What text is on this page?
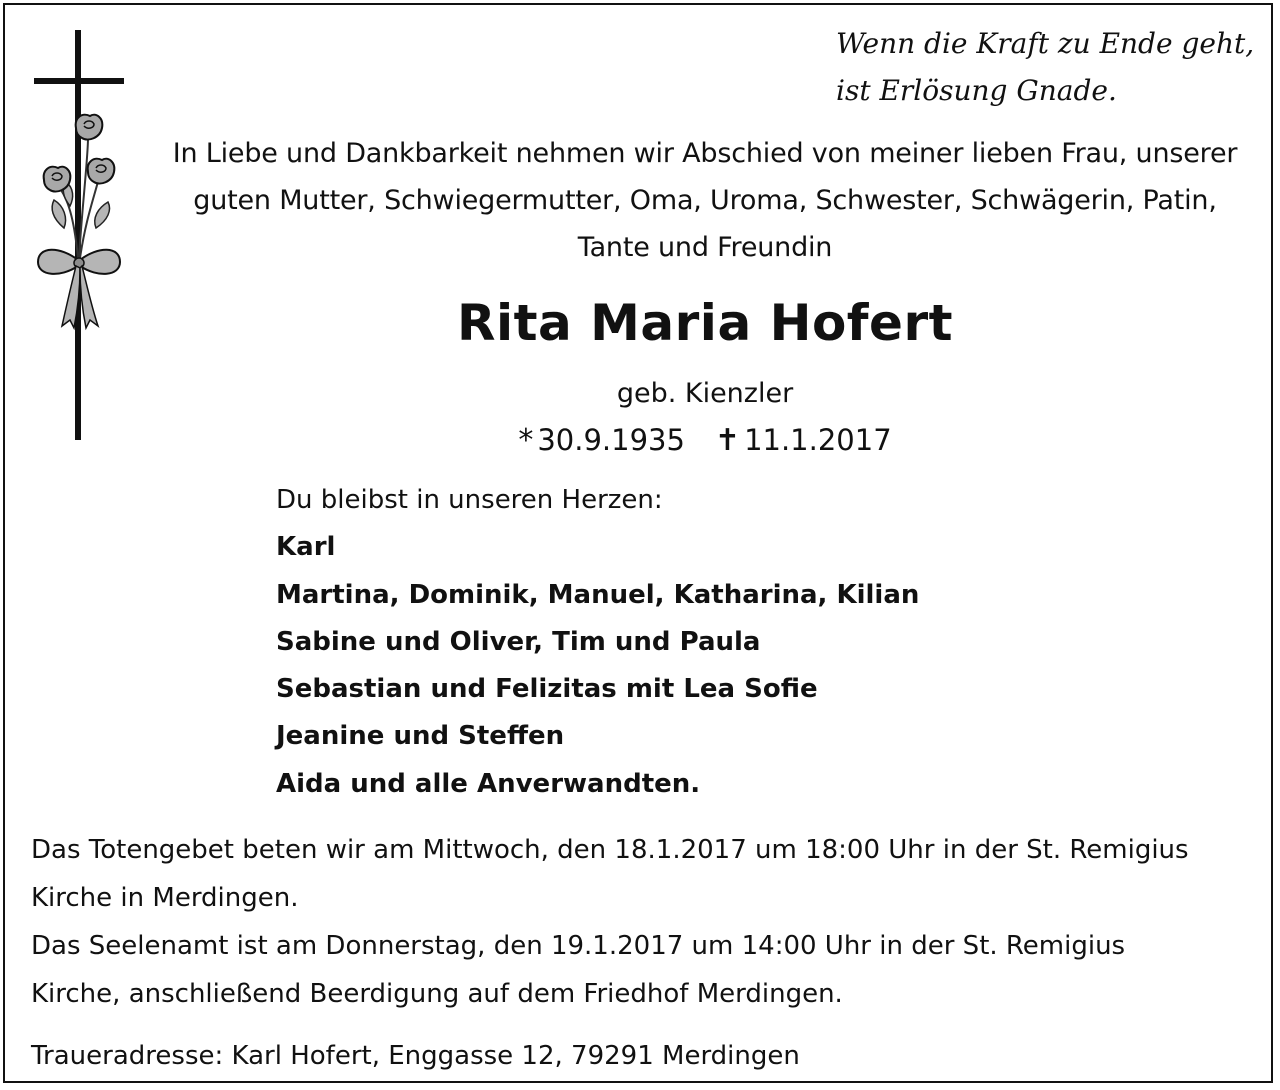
Wenn die Kraft zu Ende geht,
ist Erlösung Gnade.
In Liebe und Dankbarkeit nehmen wir Abschied von meiner lieben Frau, unserer
guten Mutter, Schwiegermutter, Oma, Uroma, Schwester, Schwägerin, Patin,
Tante und Freundin
Rita Maria Hofert
geb. Kienzler
* 30.9.1935 ✝ 11.1.2017
Du bleibst in unseren Herzen:
Karl
Martina, Dominik, Manuel, Katharina, Kilian
Sabine und Oliver, Tim und Paula
Sebastian und Felizitas mit Lea Sofie
Jeanine und Steffen
Aida und alle Anverwandten.
Das Totengebet beten wir am Mittwoch, den 18.1.2017 um 18:00 Uhr in der St. Remigius
Kirche in Merdingen.
Das Seelenamt ist am Donnerstag, den 19.1.2017 um 14:00 Uhr in der St. Remigius
Kirche, anschließend Beerdigung auf dem Friedhof Merdingen.
Traueradresse: Karl Hofert, Enggasse 12, 79291 Merdingen
